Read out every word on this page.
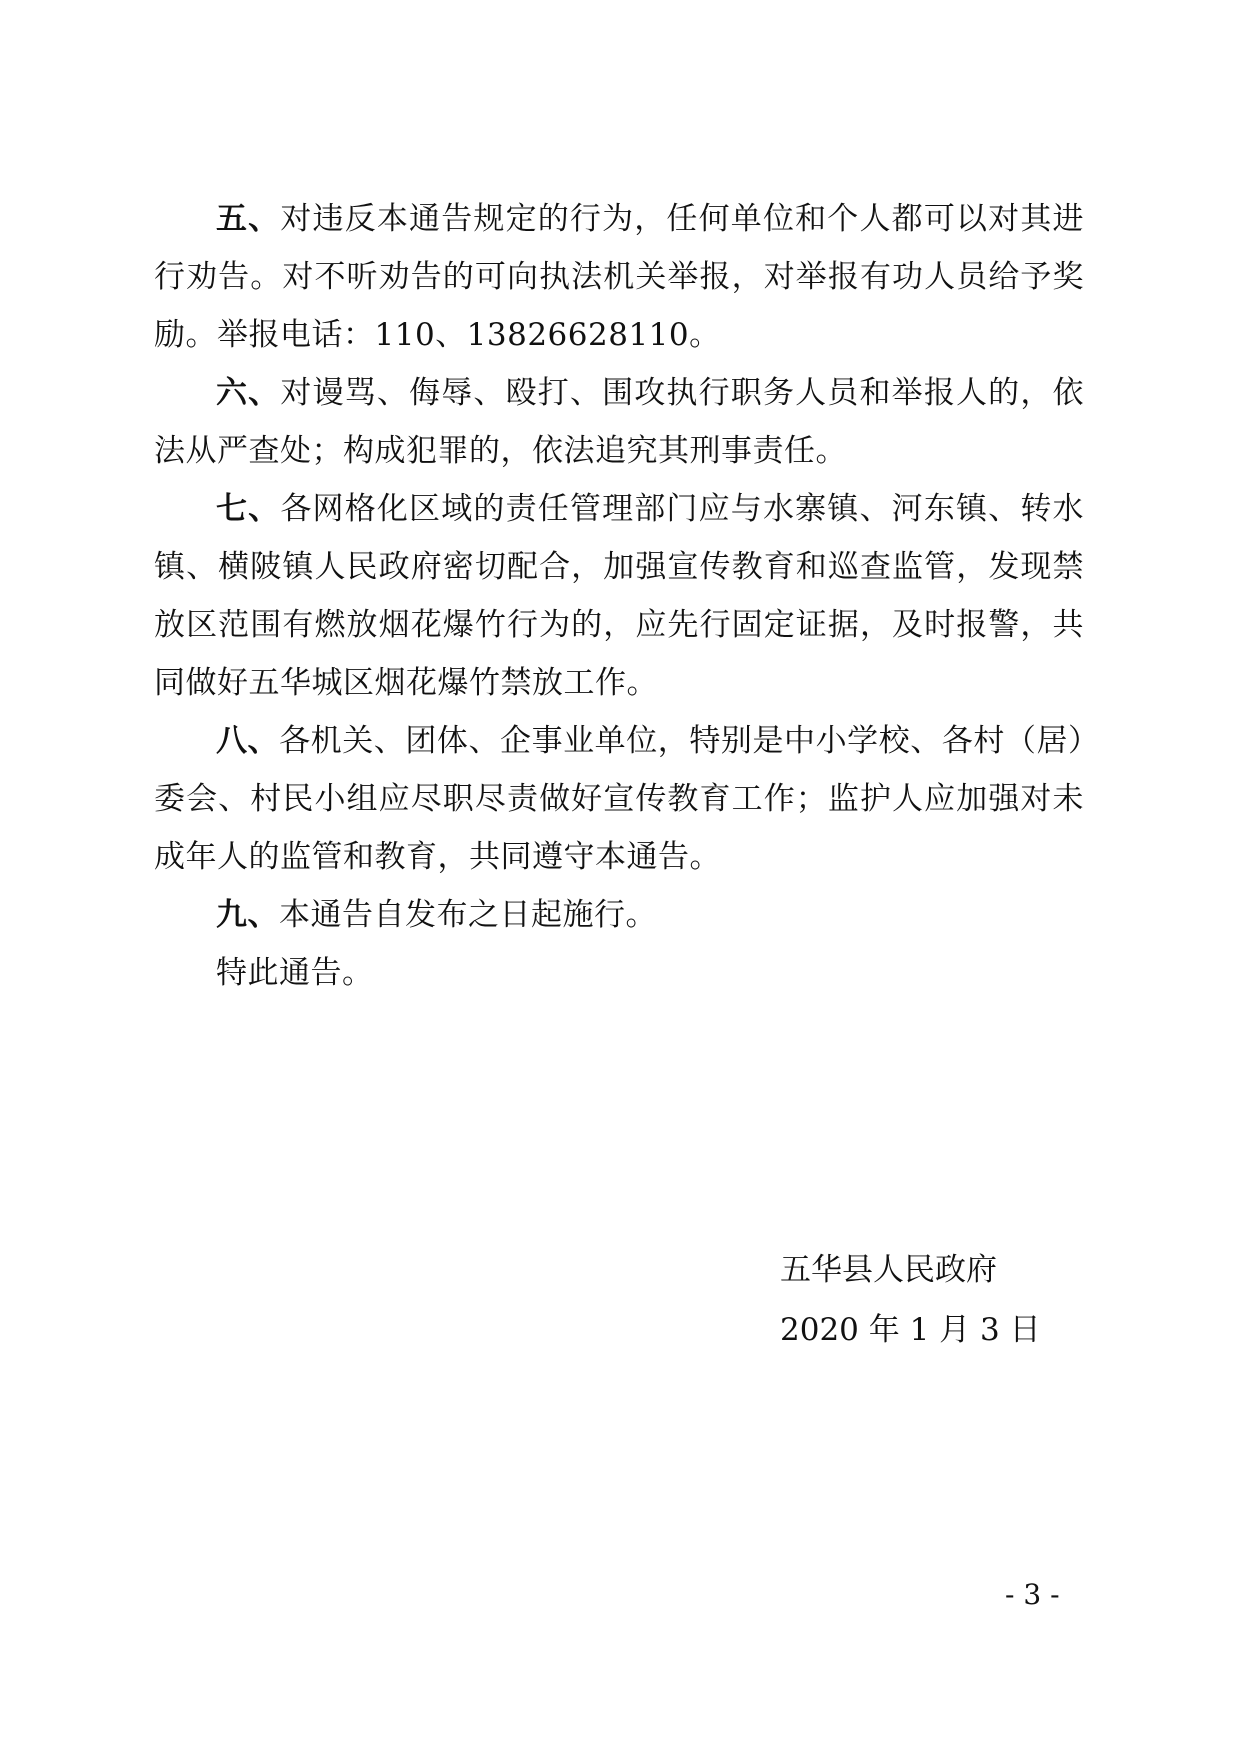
五、对违反本通告规定的行为，任何单位和个人都可以对其进行劝告。对不听劝告的可向执法机关举报，对举报有功人员给予奖励。举报电话：110、13826628110。

六、对谩骂、侮辱、殴打、围攻执行职务人员和举报人的，依法从严查处；构成犯罪的，依法追究其刑事责任。

七、各网格化区域的责任管理部门应与水寨镇、河东镇、转水镇、横陂镇人民政府密切配合，加强宣传教育和巡查监管，发现禁放区范围有燃放烟花爆竹行为的，应先行固定证据，及时报警，共同做好五华城区烟花爆竹禁放工作。

八、各机关、团体、企事业单位，特别是中小学校、各村（居）委会、村民小组应尽职尽责做好宣传教育工作；监护人应加强对未成年人的监管和教育，共同遵守本通告。

九、本通告自发布之日起施行。

特此通告。

五华县人民政府
2020 年 1 月 3 日
- 3 -
